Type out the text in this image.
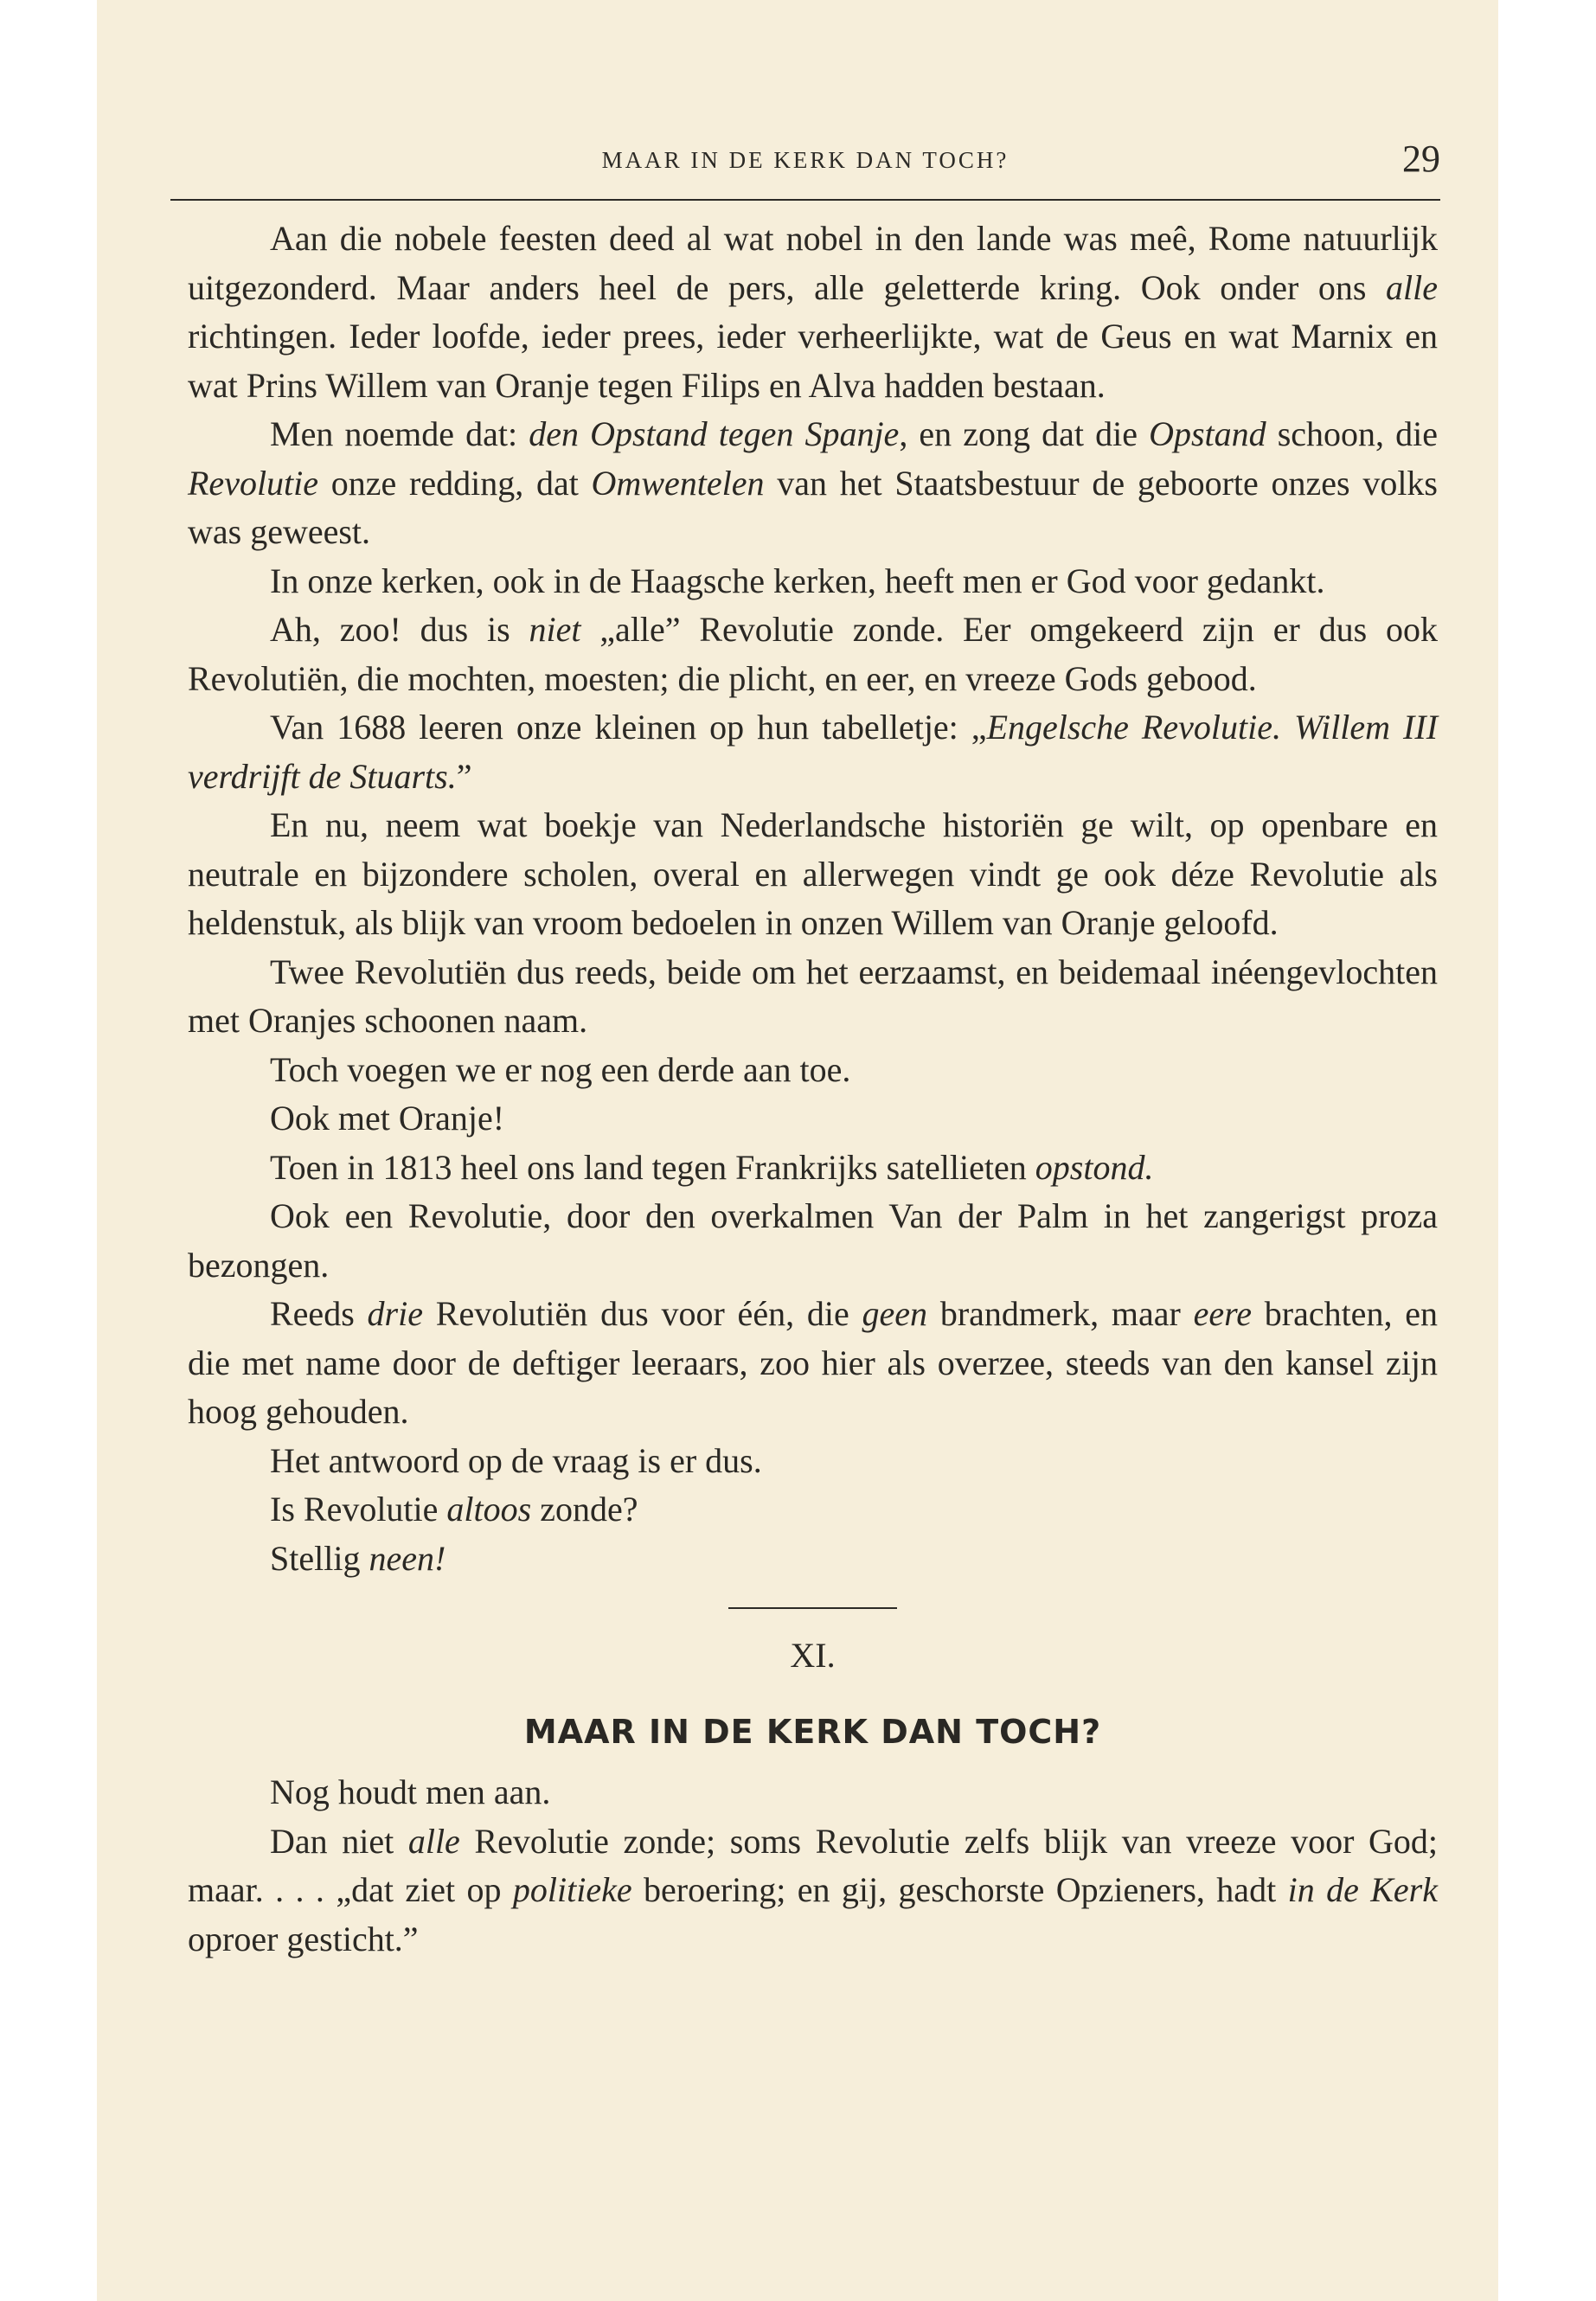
MAAR IN DE KERK DAN TOCH?	29

Aan die nobele feesten deed al wat nobel in den lande was meê, Rome natuurlijk uitgezonderd. Maar anders heel de pers, alle geletterde kring. Ook onder ons alle richtingen. Ieder loofde, ieder prees, ieder verheerlijkte, wat de Geus en wat Marnix en wat Prins Willem van Oranje tegen Filips en Alva hadden bestaan.

Men noemde dat: den Opstand tegen Spanje, en zong dat die Opstand schoon, die Revolutie onze redding, dat Omwentelen van het Staatsbestuur de geboorte onzes volks was geweest.

In onze kerken, ook in de Haagsche kerken, heeft men er God voor gedankt.

Ah, zoo! dus is niet „alle” Revolutie zonde. Eer omgekeerd zijn er dus ook Revolutiën, die mochten, moesten; die plicht, en eer, en vreeze Gods gebood.

Van 1688 leeren onze kleinen op hun tabelletje: „Engelsche Revolutie. Willem III verdrijft de Stuarts.”

En nu, neem wat boekje van Nederlandsche historiën ge wilt, op openbare en neutrale en bijzondere scholen, overal en allerwegen vindt ge ook déze Revolutie als heldenstuk, als blijk van vroom bedoelen in onzen Willem van Oranje geloofd.

Twee Revolutiën dus reeds, beide om het eerzaamst, en beidemaal inéengevlochten met Oranjes schoonen naam.

Toch voegen we er nog een derde aan toe.

Ook met Oranje!

Toen in 1813 heel ons land tegen Frankrijks satellieten opstond.

Ook een Revolutie, door den overkalmen Van der Palm in het zangerigst proza bezongen.

Reeds drie Revolutiën dus voor één, die geen brandmerk, maar eere brachten, en die met name door de deftiger leeraars, zoo hier als overzee, steeds van den kansel zijn hoog gehouden.

Het antwoord op de vraag is er dus.

Is Revolutie altoos zonde?

Stellig neen!

XI.
MAAR IN DE KERK DAN TOCH?

Nog houdt men aan.

Dan niet alle Revolutie zonde; soms Revolutie zelfs blijk van vreeze voor God; maar. . . . „dat ziet op politieke beroering; en gij, geschorste Opzieners, hadt in de Kerk oproer gesticht.”
